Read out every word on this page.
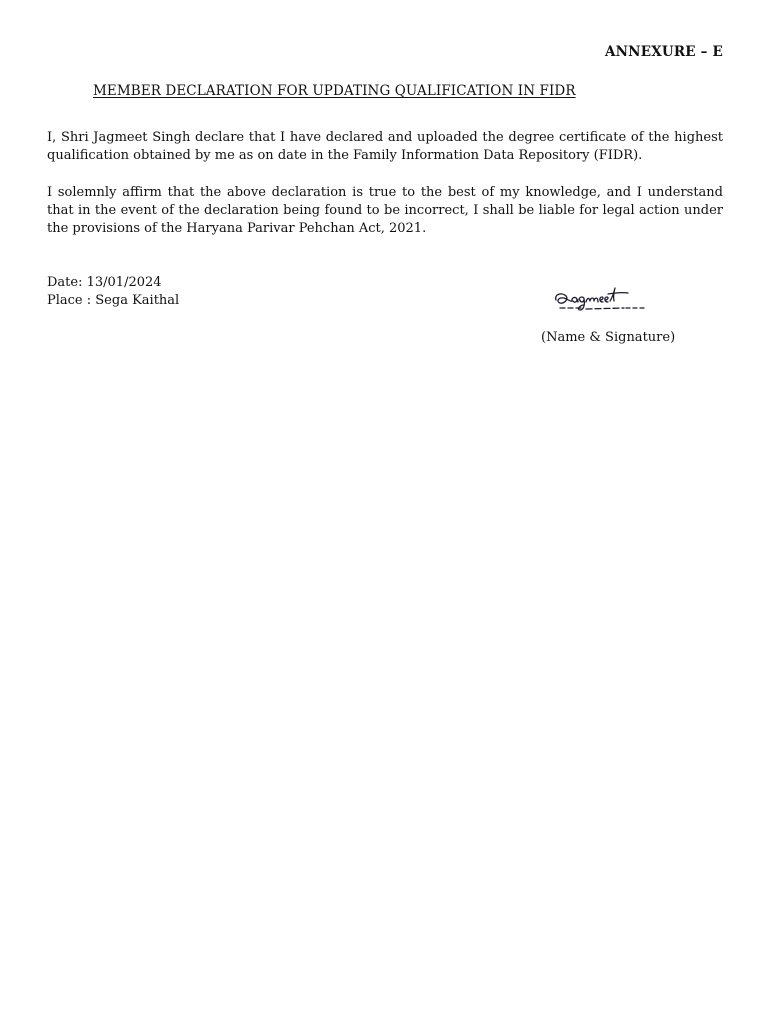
ANNEXURE – E
MEMBER DECLARATION FOR UPDATING QUALIFICATION IN FIDR
I, Shri Jagmeet Singh declare that I have declared and uploaded the degree certificate of the highest qualification obtained by me as on date in the Family Information Data Repository (FIDR).
I solemnly affirm that the above declaration is true to the best of my knowledge, and I understand that in the event of the declaration being found to be incorrect, I shall be liable for legal action under the provisions of the Haryana Parivar Pehchan Act, 2021.
Date: 13/01/2024
Place : Sega Kaithal
(Name & Signature)
